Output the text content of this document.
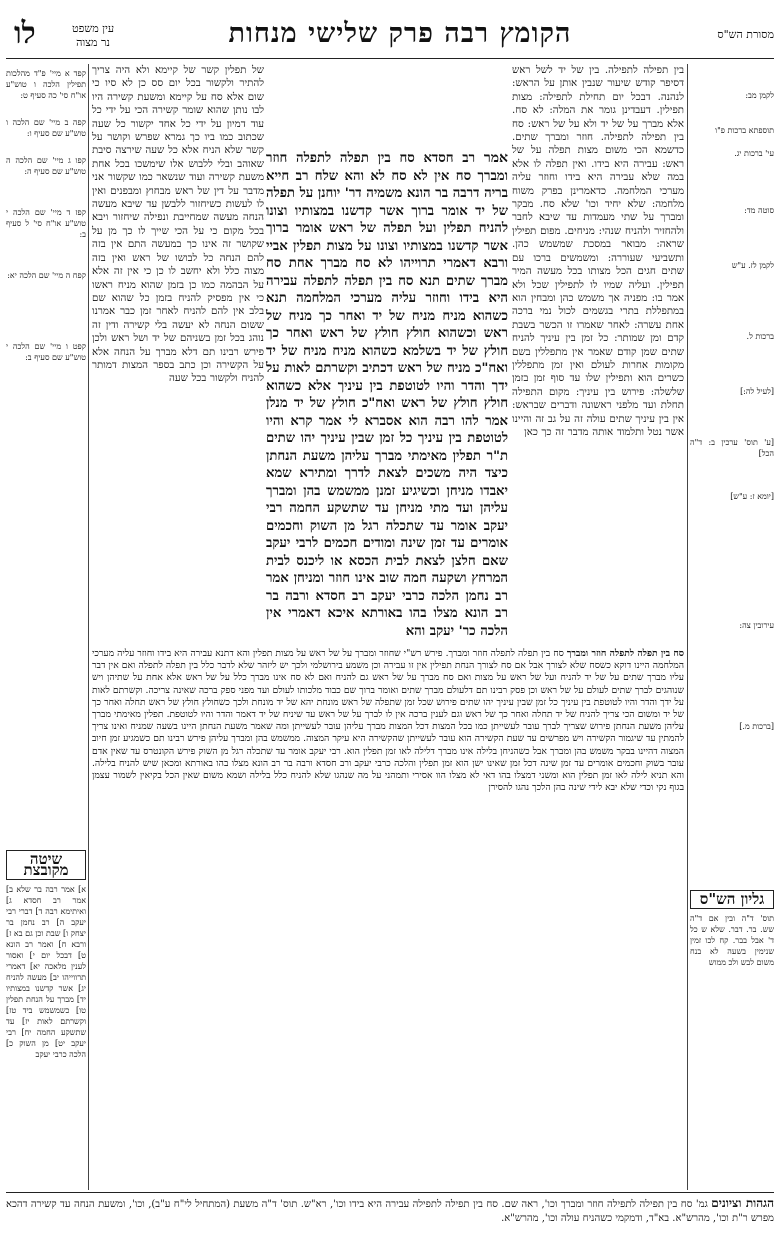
מסורת הש"ס
הקומץ רבה פרק שלישי מנחות
עין משפט
נר מצוה
לו
לקמן מב:
תוספתא ברכות פ"ו
עי' ברכות יג.
סוטה מד:
לקמן לז. ע"ש
ברכות ל.
[לעיל לה:]
[ע' תוס' ערכין ב: ד"ה הכל]
[יומא ז: ע"ש]
עירובין צה:
[ברכות מ.]
גליון הש"ס
תוס' ד"ה ובין אם ד"ה שש. בר. דבר. שלא ש כל ד' אבל בבר. קח לכו זמין שנימין בשעה לא בנח משום לבש ולכ ממוש
בין תפילה לתפילה. בין של יד לשל ראש דסיפר קודש שיעור שנבין אותן על הראש: לנהנה. דבכל יום תחילת לתפילה: מצות תפילין. דעבדינן גומר את המלה: לא סח. אלא מברך על של יד ולא על של ראש: סח בין תפילה לתפילה. חוזר ומברך שתים. כדשמא הכי משום מצות תפלה על של ראש: עבירה היא בידו. ואין תפלה לו אלא במה שלא עבירה היא בידו וחוזר עליה מערכי המלחמה. כדאמרינן בפרק משוח מלחמה: שלא יחיד וכו' שלא סח. מבקר ומברך על שתי מעמדות עד שיבא לחבר ולהחזיר ולהניח שנהי: מניחים. מפום תפילין שראה: מבואר במסכת שמשמש כהן. ותשביעי שעוררה: ומשמשים ברכו עם שתים חגים הכל מצותו בכל מעשה המיר תפילין. ועליה שמיו לו לתפילין שכל ולא אמר בו: מפניה אך משמש כהן ומבחין הוא במתפללת בתרי בגשמים לכול נמי ברכה אחת עשרה: לאחר שאמרו זו הכשר בשבת קדם ומן שמותר: כל זמן בין עיניך להניח שתים שמן קודם שאמר אין מתפללין בשם מקומות אחרות לעולם ואין זמן מתפללין כשרים הוא ותפילין שלו עד סוף זמן בזמן שלשלה: פירוש בין עיניך: מקום התפילה תחלת ועד מלפני ראשונה ודברים שבראש: אין בין עיניך שתים עולה זה על גב זה והיינו אשר נטל ותלמוד אותה מדבר זה כך כאן
אמר רב חסדא סח בין תפלה לתפלה חוזר ומברך סח אין לא סח לא והא שלח רב חייא בריה דרבה בר הונא משמיה דר' יוחנן על תפלה של יד אומר ברוך אשר קדשנו במצותיו וצונו להניח תפלין ועל תפלה של ראש אומר ברוך אשר קדשנו במצותיו וצונו על מצות תפלין אביי ורבא דאמרי תרוייהו לא סח מברך אחת סח מברך שתים תנא סח בין תפלה לתפלה עבירה היא בידו וחוזר עליה מערכי המלחמה תנא כשהוא מניח מניח של יד ואחר כך מניח של ראש וכשהוא חולץ חולץ של ראש ואחר כך חולץ של יד בשלמא כשהוא מניח מניח של יד ואח"כ מניח של ראש דכתיב וקשרתם לאות על ידך והדר והיו לטוטפת בין עיניך אלא כשהוא חולץ חולץ של ראש ואח"כ חולץ של יד מנלן אמר להו רבה הוא אסברא לי אמר קרא והיו לטוטפת בין עיניך כל זמן שבין עיניך יהו שתים ת"ר תפלין מאימתי מברך עליהן משעת הנחתן כיצד היה משכים לצאת לדרך ומתירא שמא יאבדו מניחן וכשיגיע זמנן ממשמש בהן ומברך עליהן ועד מתי מניחן עד שתשקע החמה רבי יעקב אומר עד שתכלה רגל מן השוק וחכמים אומרים עד זמן שינה ומודים חכמים לרבי יעקב שאם חלצן לצאת לבית הכסא או ליכנס לבית המרחץ ושקעה חמה שוב אינו חוזר ומניחן אמר רב נחמן הלכה כרבי יעקב רב חסדא ורבה בר רב הונא מצלו בהו באורתא איכא דאמרי אין הלכה כר' יעקב והא
של תפלין קשר של קיימא ולא היה צריך להתיר ולקשור בכל יום סס כן לא סיו כי שום אלא סח על קיימא ומשעת קשירה היו לבו נותן שהוא שומר קשירה הכי על ידי כל עוד דמיון על ידי כל אחד יקשור כל שעה שכתוב כמו ביו כך גמרא שפרש וקושר על קשר שלא הניח אלא כל שעה שירצה סיבת שאוהב ובלי ללבוש אלו שימשכו בכל אחת משעת קשירה ועוד שנשאר כמו שקשור אני מדבר על דין של ראש מבחוץ ומבפנים ואין לו לעשות כשיחזור ללבשן עד שיבא מעשה הנחה מעשה שמחייבת ונפילה שיחזור ויבא בכל מקום כי על הכי שייך לו כך מן על שקושר זה אינו כך במעשה התם אין בזה להם הנחה כל לבושו של ראש ואין בזה מצוה כלל ולא יחשב לו כן כי אין זה אלא על הבהמה כמו כן בזמן שהוא מניח ראשו כי אין מפסיק להניח בזמן כל שהוא שם בלב אין להם להניח לאחר זמן כבר אמרנו ששום הנחה לא יעשה בלי קשירה ודין זה נוהג בכל זמן בשניהם של יד ושל ראש ולכן פירש רבינו תם דלא מברך על הנחה אלא על הקשירה וכן כתב בספר המצות דמותר להניח ולקשור בכל שעה
סח בין תפלה לתפלה חוזר ומברך סח בין תפלה לתפלה חוזר ומברך. פירש רש"י שחוזר ומברך על של ראש על מצות תפלין והא דתנא עבירה היא בידו וחוזר עליה מערכי המלחמה היינו דוקא כשסח שלא לצורך אבל אם סח לצורך הנחת תפילין אין זו עבירה וכן משמע בירושלמי ולכך יש ליזהר שלא לדבר כלל בין תפלה לתפלה ואם אין דבר עליו מברך שתים על של יד להניח ועל של ראש על מצות ואם סח מברך על של ראש גם להניח ואם לא סח אינו מברך כלל על של ראש אלא אחת על שתיהן ויש שנוהגים לברך שתים לעולם על של ראש וכן פסק רבינו תם דלעולם מברך שתים ואומר ברוך שם כבוד מלכותו לעולם ועד מפני ספק ברכה שאינה צריכה. וקשרתם לאות על ידך והדר והיו לטוטפת בין עיניך כל זמן שבין עיניך יהו שתים פירוש שכל זמן שתפלה של ראש מונחת יהא של יד מונחת ולכך כשחולץ חולץ של ראש תחלה ואחר כך של יד ומשום הכי צריך להניח של יד תחלה ואחר כך של ראש וגם לענין ברכה אין לו לברך על של ראש עד שיניח של יד דאמר והדר והיו לטוטפת. תפלין מאימתי מברך עליהן משעת הנחתן פירוש שצריך לברך עובר לעשייתן כמו בכל המצות דכל המצות מברך עליהן עובר לעשייתן ומה שאמר משעת הנחתן היינו בשעה שמניח ואינו צריך להמתין עד שיגמור הקשירה ויש מפרשים עד שעת הקשירה הוא עובר לעשייתן שהקשירה היא עיקר המצוה. ממשמש בהן ומברך עליהן פירש רבינו תם כשמגיע זמן חיוב המצוה דהיינו בבקר משמש בהן ומברך אבל כשהניחן בלילה אינו מברך דלילה לאו זמן תפלין הוא. רבי יעקב אומר עד שתכלה רגל מן השוק פירש הקונטרס עד שאין אדם עובר בשוק וחכמים אומרים עד זמן שינה דכל זמן שאינו ישן הוא זמן תפלין והלכה כרבי יעקב ורב חסדא ורבה בר רב הונא מצלו בהו באורתא ומכאן שיש להניח בלילה. והא תניא לילה לאו זמן תפלין הוא ומשני דמצלו בהו דאי לא מצלו הוו אסירי ותמהני על מה שנהגו שלא להניח כלל בלילה ושמא משום שאין הכל בקיאין לשמור עצמן בגוף נקי וכדי שלא יבא לידי שינה בהן הלכך נהגו להסירן
קפד א מיי' פ"ד מהלכות תפילין הלכה ו טוש"ע או"ח סי' כה סעיף ט:
קפה ב מיי' שם הלכה ו טוש"ע שם סעיף ו:
קפו ג מיי' שם הלכה ה טוש"ע שם סעיף ה:
קפז ד מיי' שם הלכה י טוש"ע או"ח סי' ל סעיף ב:
קפח ה מיי' שם הלכה יא:
קפט ו מיי' שם הלכה י טוש"ע שם סעיף ב:
שיטה מקובצת
א] אמר רבה בר שלא ב] אמר רב חסדא ג] ואיתימא רבה ד] דברי רבי יעקב ה] רב נחמן בר יצחק ו] שבת וכן גם בא ז] ורבא ח] ואמר רב הונא ט] דבכל יום י] ואסור לענין מלאכה יא] דאמרי תרווייהו יב] מעשה להניח יג] אשר קדשנו במצותיו יד] מברך על הנחת תפלין טו] כשמשמש ביד טז] וקשרתם לאות יז] עד שתשקע החמה יח] רבי יעקב יט] מן השוק כ] הלכה כרבי יעקב
הגהות וציונים גמ' סח בין תפילה לתפילה חוזר ומברך וכו', ראה שם. סח בין תפילה לתפילה עבירה היא בידו וכו', רא"ש. תוס' ד"ה משעת (המתחיל לי"ח ע"ב), וכו', ומשעת הנחה עד קשירה דהכא מפרש ר"ת וכו', מהרש"א. בא"ד, ודמקמי כשהניח עולה וכו', מהרש"א.
